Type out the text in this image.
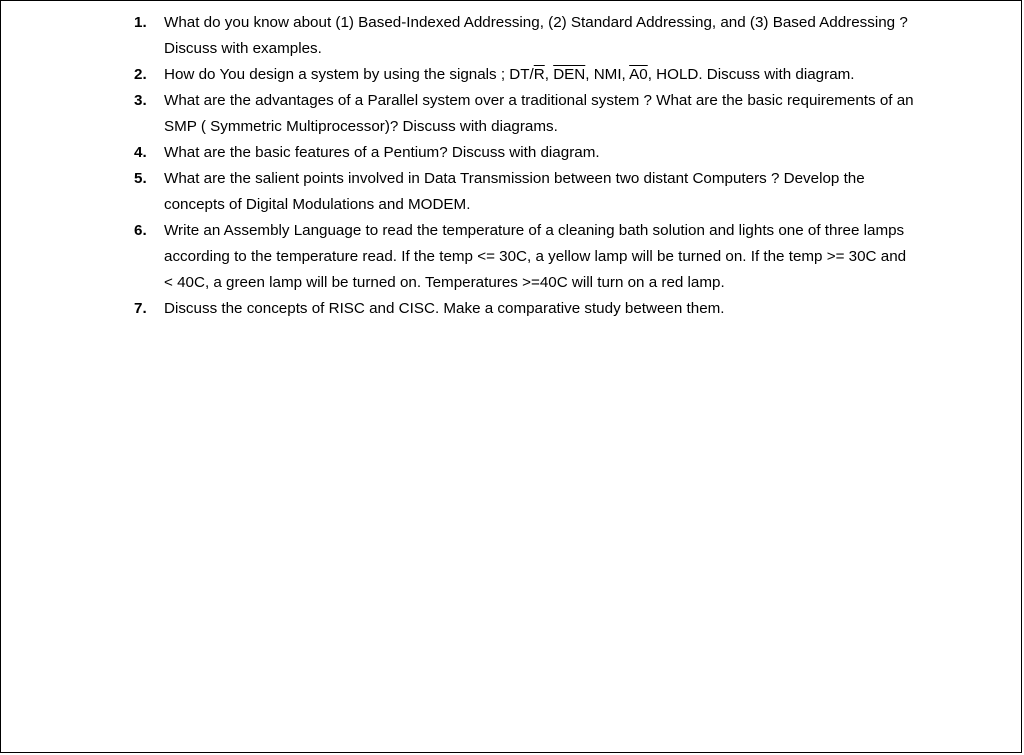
1.	What do you know about (1) Based-Indexed Addressing, (2) Standard Addressing, and (3) Based Addressing ? Discuss with examples.
2.	How do You design a system by using the signals ; $DT/\overline{R}$, $\overline{DEN}$, NMI, A0, HOLD. Discuss with diagram.
3.	What are the advantages of a Parallel system over a traditional system ? What are the basic requirements of an SMP ( Symmetric Multiprocessor)? Discuss with diagrams.
4.	What are the basic features of a Pentium? Discuss with diagram.
5.	What are the salient points involved in Data Transmission between two distant Computers ? Develop the concepts of Digital Modulations and MODEM.
6.	Write an Assembly Language to read the temperature of a cleaning bath solution and lights one of three lamps according to the temperature read. If the temp <= 30C, a yellow lamp will be turned on. If the temp >= 30C and < 40C, a green lamp will be turned on. Temperatures >=40C will turn on a red lamp.
7.	Discuss the concepts of RISC and CISC. Make a comparative study between them.
